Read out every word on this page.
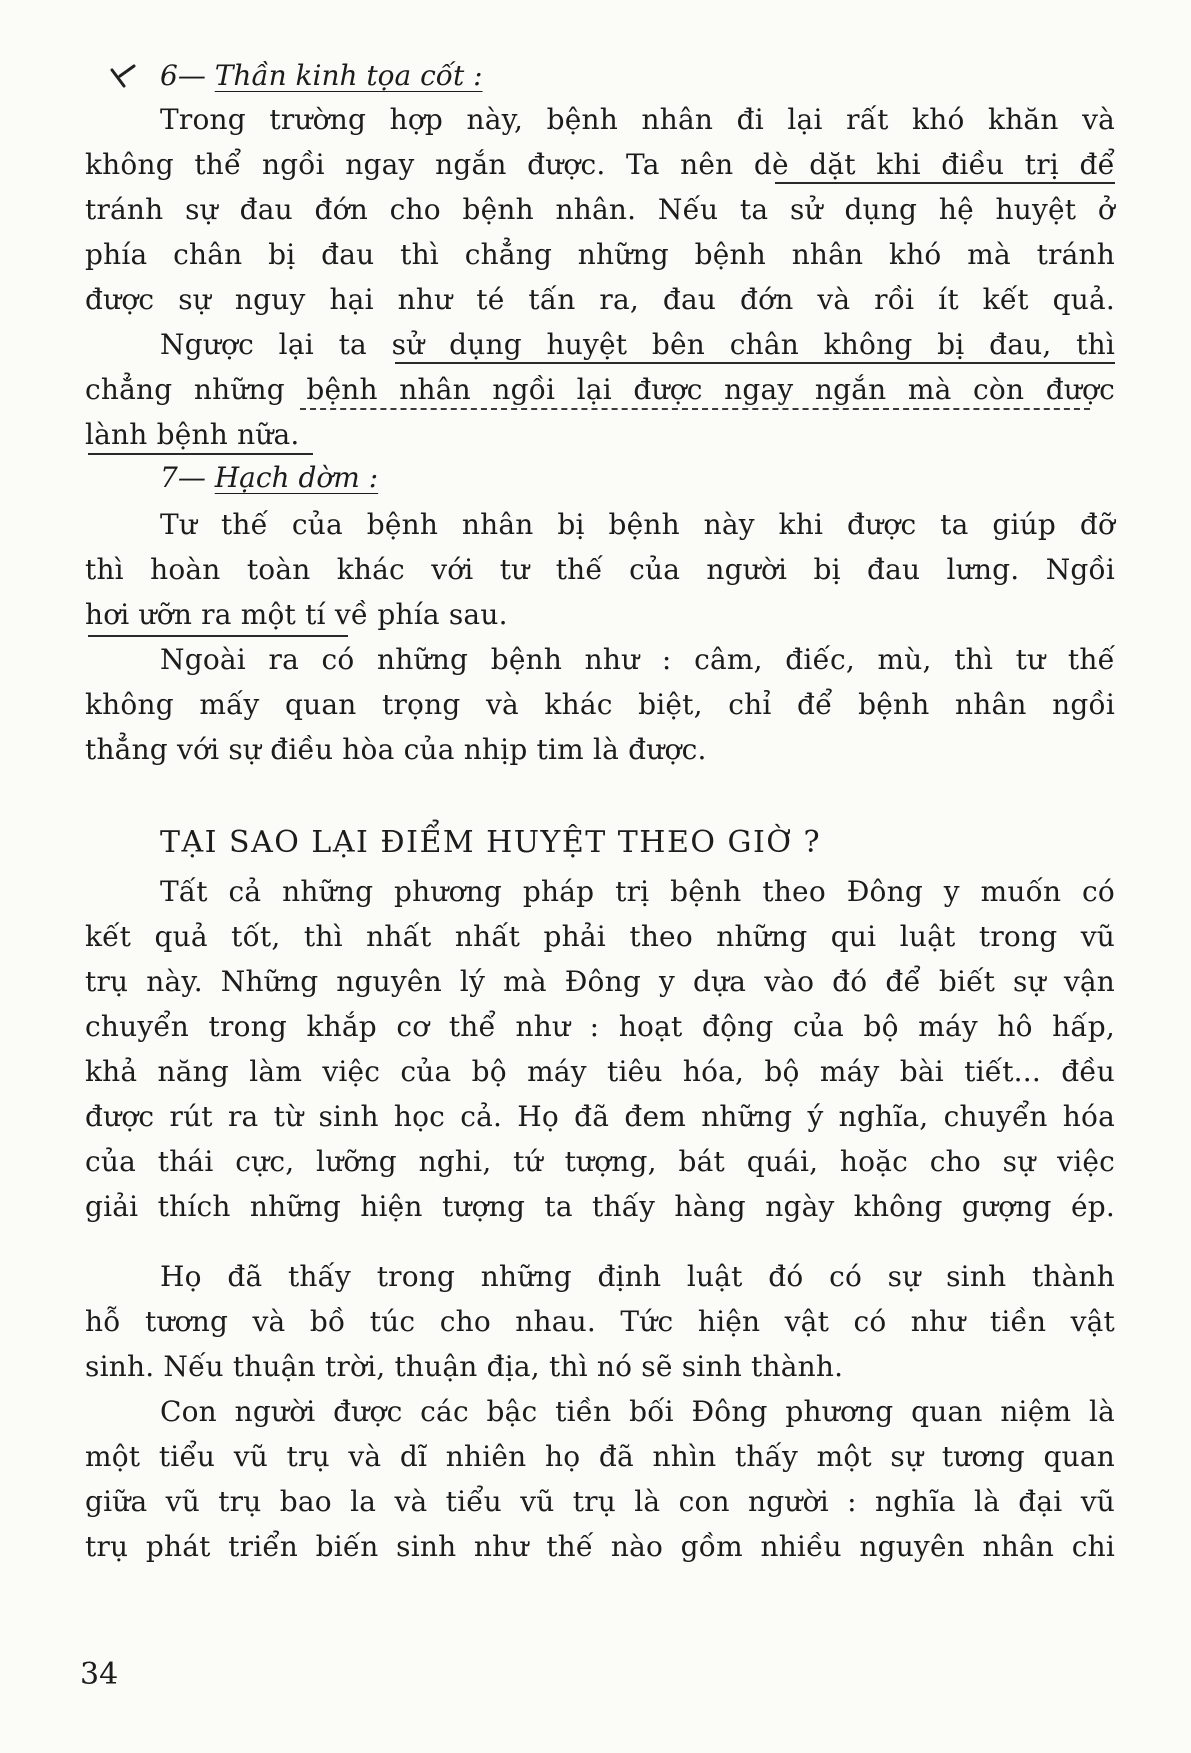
6— Thần kinh tọa cốt :
Trong trường hợp này, bệnh nhân đi lại rất khó khăn và
không thể ngồi ngay ngắn được. Ta nên dè dặt khi điều trị để
tránh sự đau đớn cho bệnh nhân. Nếu ta sử dụng hệ huyệt ở
phía chân bị đau thì chẳng những bệnh nhân khó mà tránh
được sự nguy hại như té tấn ra, đau đớn và rồi ít kết quả.
Ngược lại ta sử dụng huyệt bên chân không bị đau, thì
chẳng những bệnh nhân ngồi lại được ngay ngắn mà còn được
lành bệnh nữa.
7— Hạch dờm :
Tư thế của bệnh nhân bị bệnh này khi được ta giúp đỡ
thì hoàn toàn khác với tư thế của người bị đau lưng. Ngồi
hơi ưỡn ra một tí về phía sau.
Ngoài ra có những bệnh như : câm, điếc, mù, thì tư thế
không mấy quan trọng và khác biệt, chỉ để bệnh nhân ngồi
thẳng với sự điều hòa của nhịp tim là được.
TẠI SAO LẠI ĐIỂM HUYỆT THEO GIỜ ?
Tất cả những phương pháp trị bệnh theo Đông y muốn có
kết quả tốt, thì nhất nhất phải theo những qui luật trong vũ
trụ này. Những nguyên lý mà Đông y dựa vào đó để biết sự vận
chuyển trong khắp cơ thể như : hoạt động của bộ máy hô hấp,
khả năng làm việc của bộ máy tiêu hóa, bộ máy bài tiết... đều
được rút ra từ sinh học cả. Họ đã đem những ý nghĩa, chuyển hóa
của thái cực, lưỡng nghi, tứ tượng, bát quái, hoặc cho sự việc
giải thích những hiện tượng ta thấy hàng ngày không gượng ép.
Họ đã thấy trong những định luật đó có sự sinh thành
hỗ tương và bồ túc cho nhau. Tức hiện vật có như tiền vật
sinh. Nếu thuận trời, thuận địa, thì nó sẽ sinh thành.
Con người được các bậc tiền bối Đông phương quan niệm là
một tiểu vũ trụ và dĩ nhiên họ đã nhìn thấy một sự tương quan
giữa vũ trụ bao la và tiểu vũ trụ là con người : nghĩa là đại vũ
trụ phát triển biến sinh như thế nào gồm nhiều nguyên nhân chi
34
